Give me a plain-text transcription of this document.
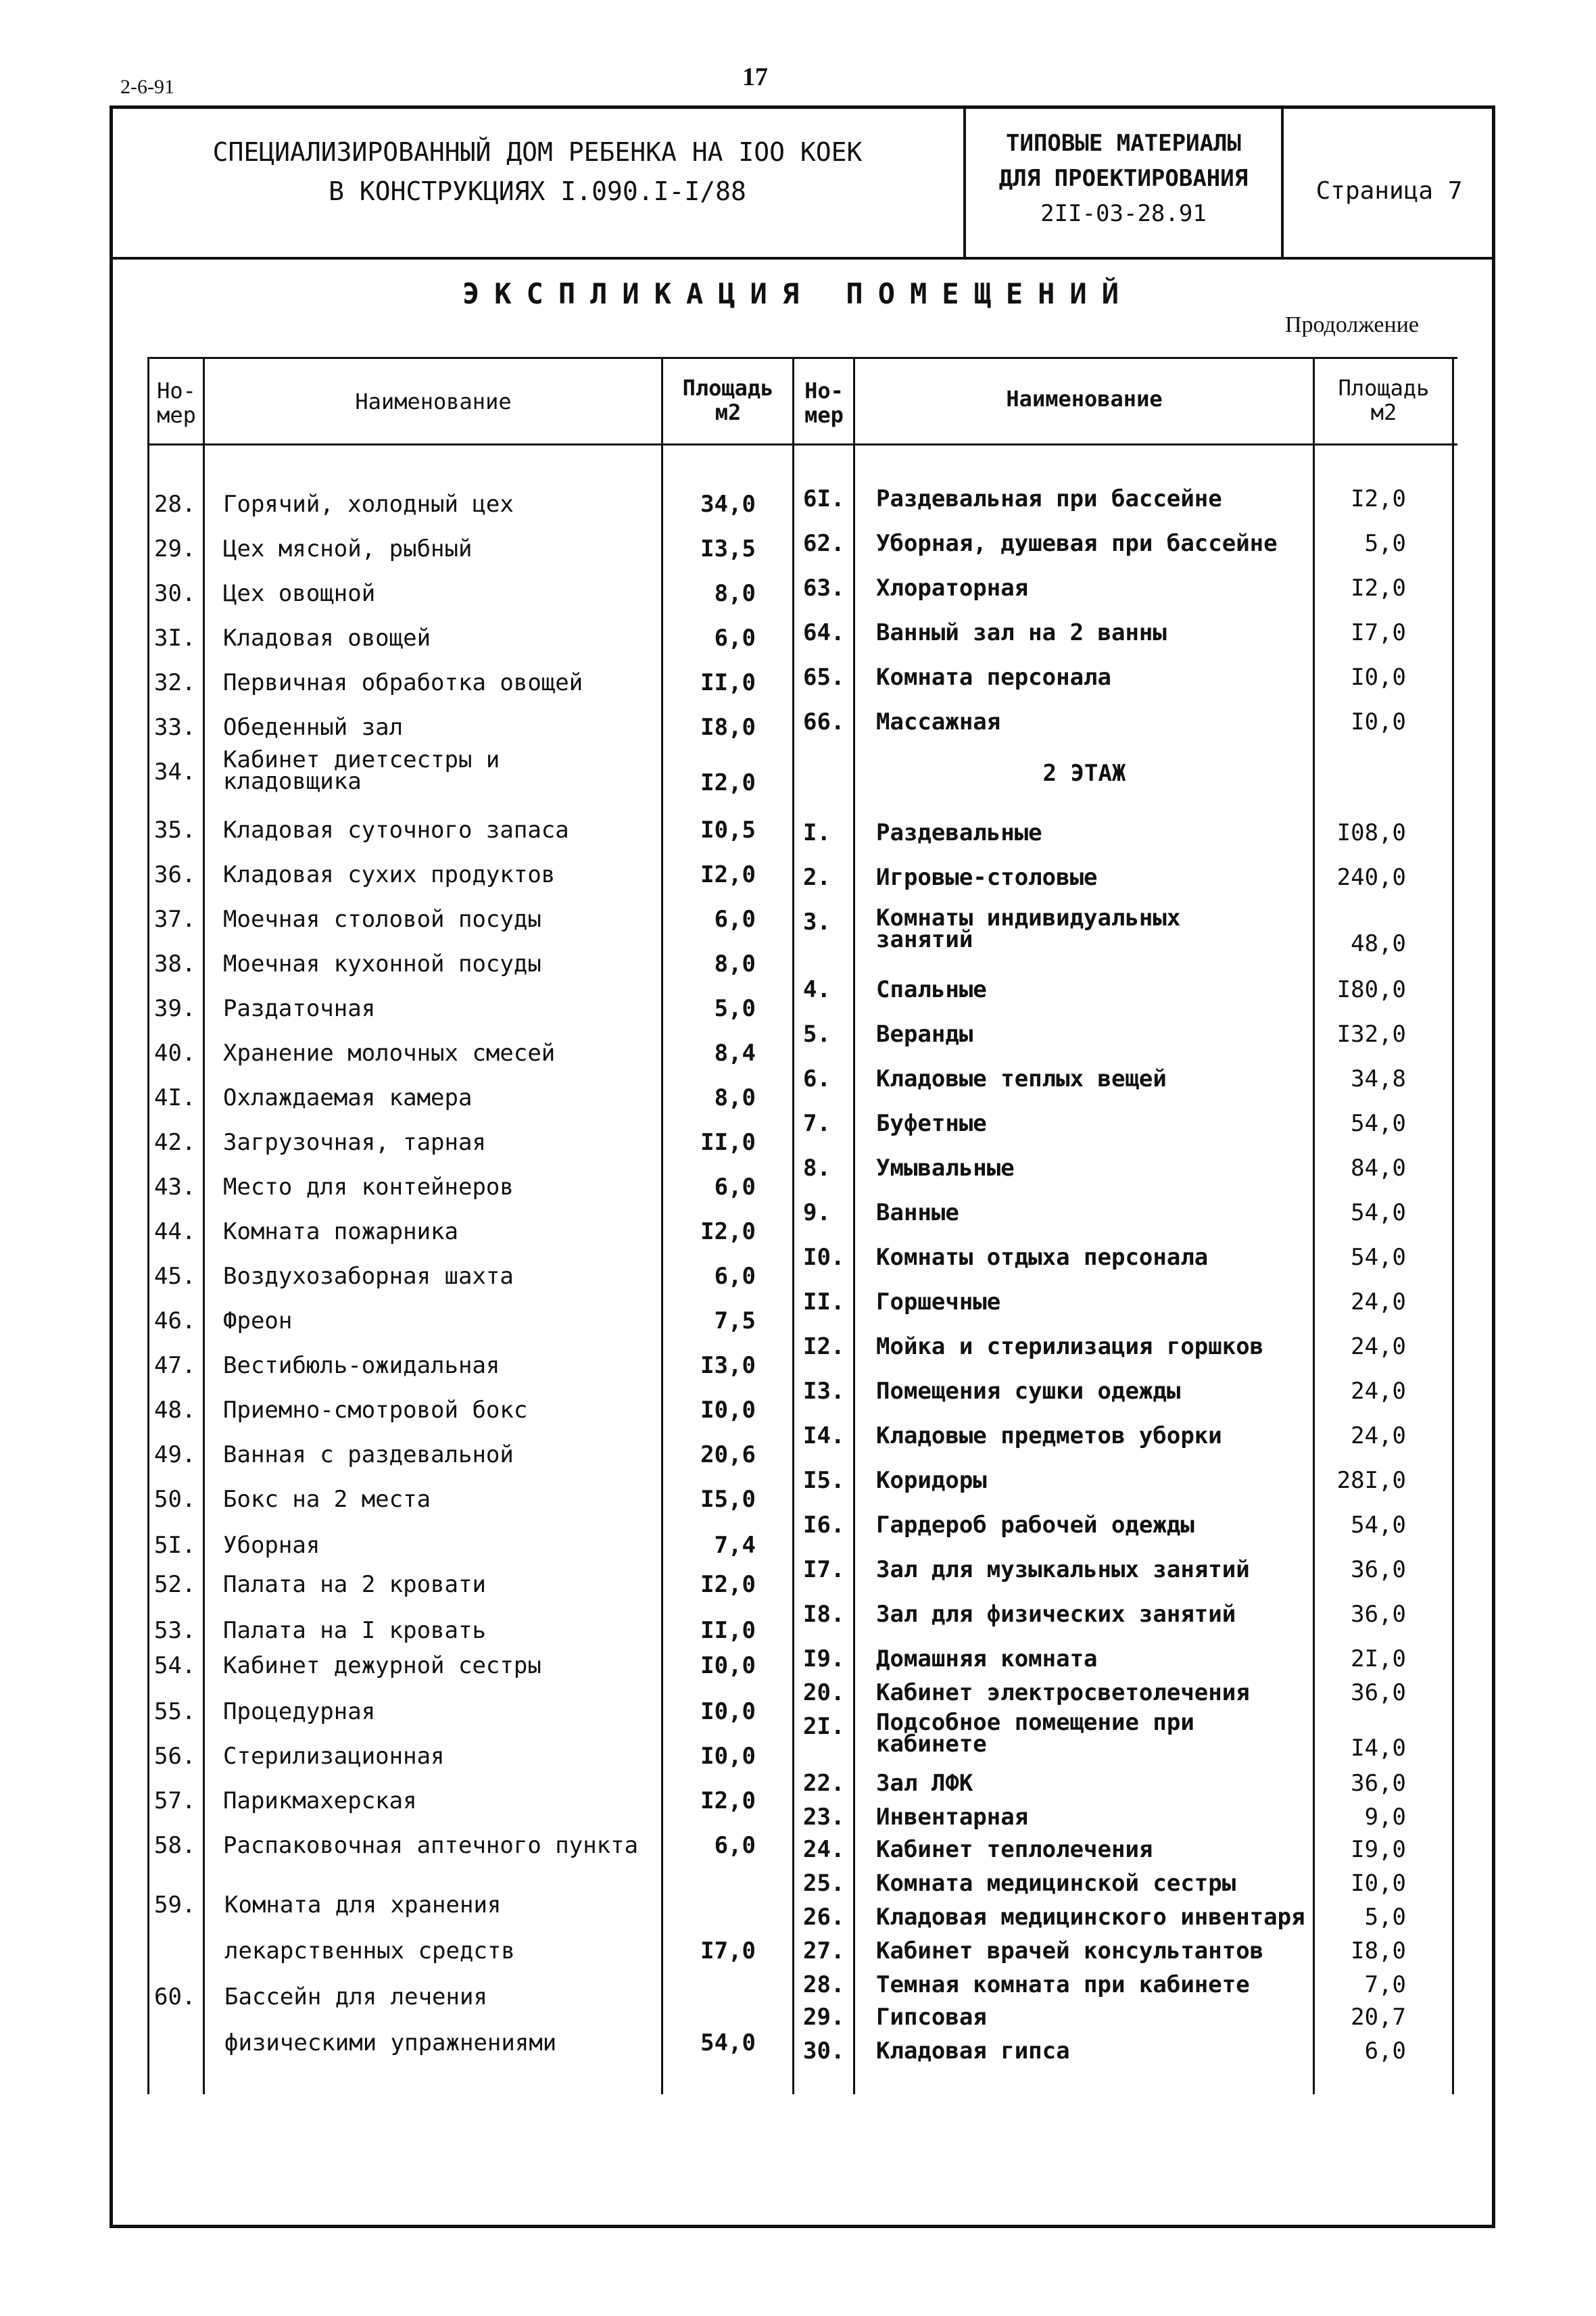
2-6-91	17
СПЕЦИАЛИЗИРОВАННЫЙ ДОМ РЕБЕНКА НА IOO КОЕК
В КОНСТРУКЦИЯХ I.090.I-I/88
ТИПОВЫЕ МАТЕРИАЛЫ
ДЛЯ ПРОЕКТИРОВАНИЯ
2II-03-28.91
Страница 7
ЭКСПЛИКАЦИЯ ПОМЕЩЕНИЙ
Продолжение
Но-
мер
Наименование
Площадь
м2
Но-
мер
Наименование	Площадь
м2
28. Горячий, холодный цех	34,0
29. Цех мясной, рыбный	I3,5
30. Цех овощной	8,0
3I. Кладовая овощей	6,0
32. Первичная обработка овощей	II,0
33. Обеденный зал	I8,0
34. Кабинет диетсестры и кладовщика	I2,0
35. Кладовая суточного запаса	I0,5
36. Кладовая сухих продуктов	I2,0
37. Моечная столовой посуды	6,0
38. Моечная кухонной посуды	8,0
39. Раздаточная	5,0
40. Хранение молочных смесей	8,4
4I. Охлаждаемая камера	8,0
42. Загрузочная, тарная	II,0
43. Место для контейнеров	6,0
44. Комната пожарника	I2,0
45. Воздухозаборная шахта	6,0
46. Фреон	7,5
47. Вестибюль-ожидальная	I3,0
48. Приемно-смотровой бокс	I0,0
49. Ванная с раздевальной	20,6
50. Бокс на 2 места	I5,0
5I. Уборная	7,4
52. Палата на 2 кровати	I2,0
53. Палата на I кровать	II,0
54. Кабинет дежурной сестры	I0,0
55. Процедурная	I0,0
56. Стерилизационная	I0,0
57. Парикмахерская	I2,0
58. Распаковочная аптечного пункта	6,0
59. Комната для хранения
лекарственных средств	I7,0
60. Бассейн для лечения
физическими упражнениями	54,0
6I.	Раздевальная при бассейне	I2,0
62.	Уборная, душевая при бассейне	5,0
63.	Хлораторная	I2,0
64.	Ванный зал на 2 ванны	I7,0
65.	Комната персонала	I0,0
66.	Массажная	I0,0
2 ЭТАЖ
I.	Раздевальные	I08,0
2.	Игровые-столовые	240,0
3.	Комнаты индивидуальных занятий	48,0
4.	Спальные	I80,0
5.	Веранды	I32,0
6.	Кладовые теплых вещей	34,8
7.	Буфетные	54,0
8.	Умывальные	84,0
9.	Ванные	54,0
I0.	Комнаты отдыха персонала	54,0
II.	Горшечные	24,0
I2.	Мойка и стерилизация горшков	24,0
I3.	Помещения сушки одежды	24,0
I4.	Кладовые предметов уборки	24,0
I5.	Коридоры	28I,0
I6.	Гардероб рабочей одежды	54,0
I7.	Зал для музыкальных занятий	36,0
I8.	Зал для физических занятий	36,0
I9.	Домашняя комната	2I,0
20.	Кабинет электросветолечения	36,0
2I.	Подсобное помещение при кабинете	I4,0
22.	Зал ЛФК	36,0
23.	Инвентарная	9,0
24.	Кабинет теплолечения	I9,0
25.	Комната медицинской сестры	I0,0
26.	Кладовая медицинского инвентаря	5,0
27.	Кабинет врачей консультантов	I8,0
28.	Темная комната при кабинете	7,0
29.	Гипсовая	20,7
30.	Кладовая гипса	6,0
